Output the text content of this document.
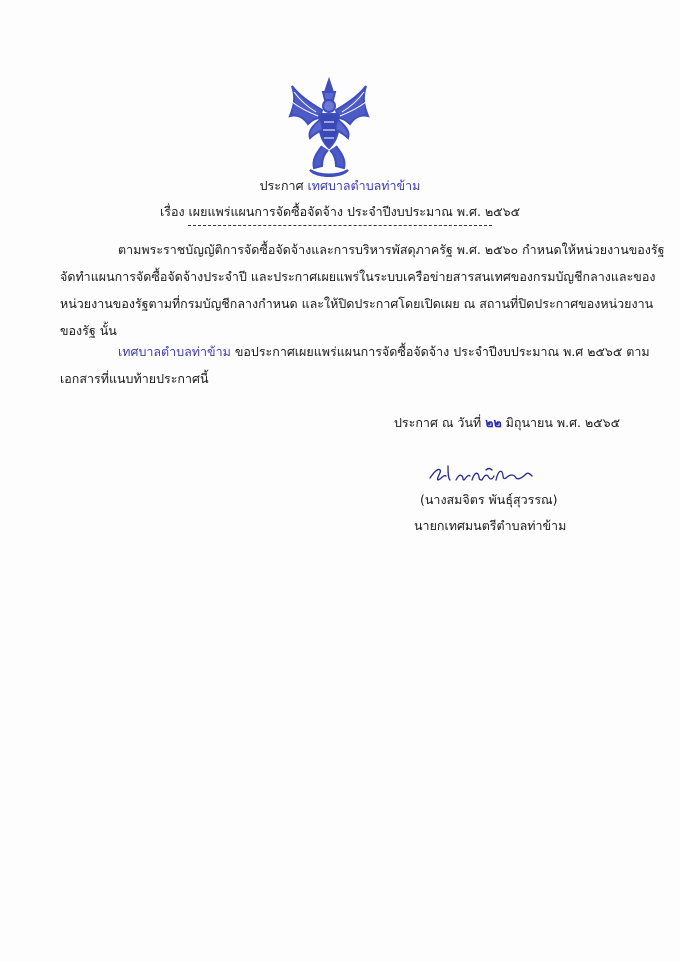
ประกาศ เทศบาลตำบลท่าข้าม
เรื่อง เผยแพร่แผนการจัดซื้อจัดจ้าง ประจำปีงบประมาณ พ.ศ. ๒๕๖๕
ตามพระราชบัญญัติการจัดซื้อจัดจ้างและการบริหารพัสดุภาครัฐ พ.ศ. ๒๕๖๐ กำหนดให้หน่วยงานของรัฐ
จัดทำแผนการจัดซื้อจัดจ้างประจำปี และประกาศเผยแพร่ในระบบเครือข่ายสารสนเทศของกรมบัญชีกลางและของ
หน่วยงานของรัฐตามที่กรมบัญชีกลางกำหนด และให้ปิดประกาศโดยเปิดเผย ณ สถานที่ปิดประกาศของหน่วยงาน
ของรัฐ นั้น
เทศบาลตำบลท่าข้าม ขอประกาศเผยแพร่แผนการจัดซื้อจัดจ้าง ประจำปีงบประมาณ พ.ศ ๒๕๖๕ ตาม
เอกสารที่แนบท้ายประกาศนี้
ประกาศ ณ วันที่ ๒๒ มิถุนายน พ.ศ. ๒๕๖๕
(นางสมจิตร พันธุ์สุวรรณ)
นายกเทศมนตรีตำบลท่าข้าม
